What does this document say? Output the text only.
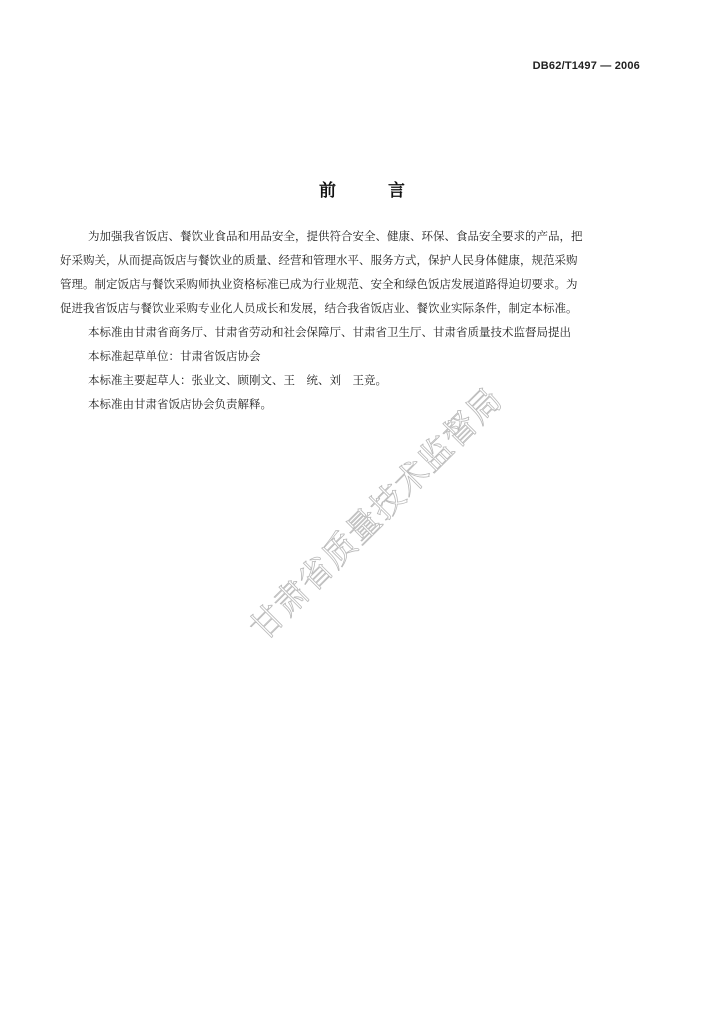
DB62/T1497 — 2006
前	言

为加强我省饭店、餐饮业食品和用品安全，提供符合安全、健康、环保、食品安全要求的产品，把
好采购关，从而提高饭店与餐饮业的质量、经营和管理水平、服务方式，保护人民身体健康，规范采购
管理。制定饭店与餐饮采购师执业资格标准已成为行业规范、安全和绿色饭店发展道路得迫切要求。为
促进我省饭店与餐饮业采购专业化人员成长和发展，结合我省饭店业、餐饮业实际条件，制定本标准。

本标准由甘肃省商务厅、甘肃省劳动和社会保障厅、甘肃省卫生厅、甘肃省质量技术监督局提出

本标准起草单位：甘肃省饭店协会

本标准主要起草人：张业文、顾刚文、王　统、刘　王竞。

本标准由甘肃省饭店协会负责解释。

甘肃省质量技术监督局
